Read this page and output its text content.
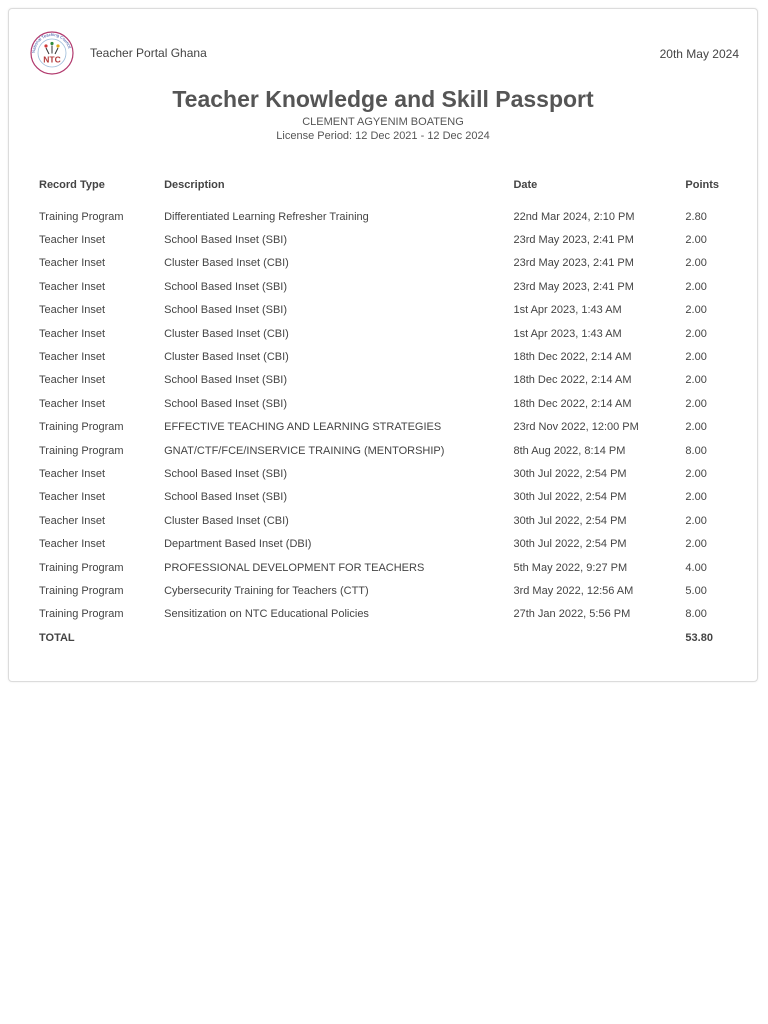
National Teaching Council
NTC Teacher Portal Ghana	20th May 2024
Teacher Knowledge and Skill Passport
CLEMENT AGYENIM BOATENG
License Period: 12 Dec 2021 - 12 Dec 2024
Record Type	Description	Date	Points

Training Program	Differentiated Learning Refresher Training	22nd Mar 2024, 2:10 PM	2.80
Teacher Inset	School Based Inset (SBI)	23rd May 2023, 2:41 PM	2.00
Teacher Inset	Cluster Based Inset (CBI)	23rd May 2023, 2:41 PM	2.00
Teacher Inset	School Based Inset (SBI)	23rd May 2023, 2:41 PM	2.00
Teacher Inset	School Based Inset (SBI)	1st Apr 2023, 1:43 AM	2.00
Teacher Inset	Cluster Based Inset (CBI)	1st Apr 2023, 1:43 AM	2.00
Teacher Inset	Cluster Based Inset (CBI)	18th Dec 2022, 2:14 AM	2.00
Teacher Inset	School Based Inset (SBI)	18th Dec 2022, 2:14 AM	2.00
Teacher Inset	School Based Inset (SBI)	18th Dec 2022, 2:14 AM	2.00
Training Program	EFFECTIVE TEACHING AND LEARNING STRATEGIES	23rd Nov 2022, 12:00 PM	2.00
Training Program	GNAT/CTF/FCE/INSERVICE TRAINING (MENTORSHIP)	8th Aug 2022, 8:14 PM	8.00
Teacher Inset	School Based Inset (SBI)	30th Jul 2022, 2:54 PM	2.00
Teacher Inset	School Based Inset (SBI)	30th Jul 2022, 2:54 PM	2.00
Teacher Inset	Cluster Based Inset (CBI)	30th Jul 2022, 2:54 PM	2.00
Teacher Inset	Department Based Inset (DBI)	30th Jul 2022, 2:54 PM	2.00
Training Program	PROFESSIONAL DEVELOPMENT FOR TEACHERS	5th May 2022, 9:27 PM	4.00
Training Program	Cybersecurity Training for Teachers (CTT)	3rd May 2022, 12:56 AM	5.00
Training Program	Sensitization on NTC Educational Policies	27th Jan 2022, 5:56 PM	8.00
TOTAL			53.80
